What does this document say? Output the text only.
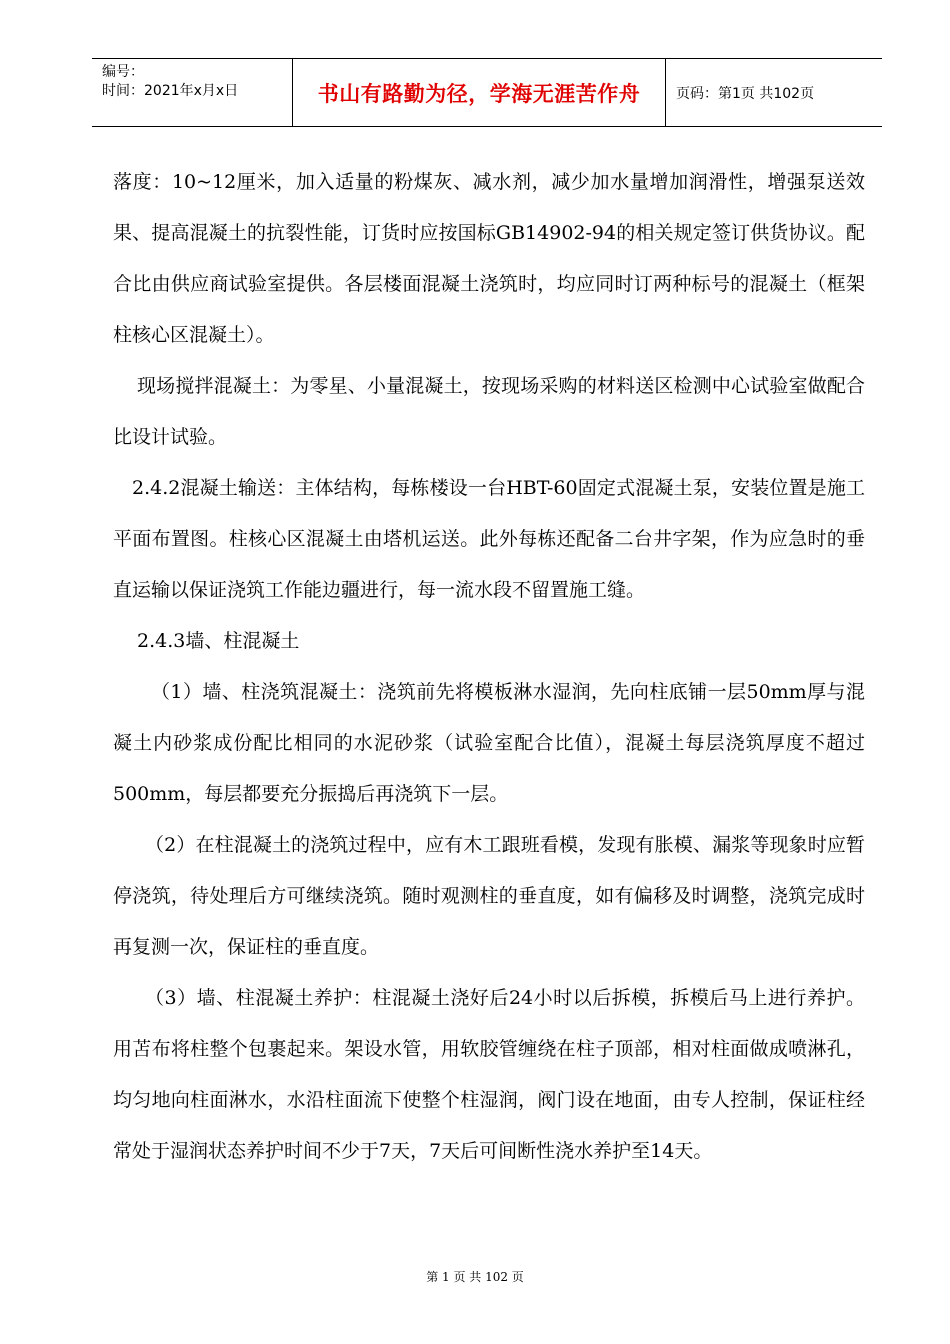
编号：
时间：2021年x月x日	书山有路勤为径，学海无涯苦作舟	页码：第1页 共102页

落度：10~12厘米，加入适量的粉煤灰、减水剂，减少加水量增加润滑性，增强泵送效果、提高混凝土的抗裂性能，订货时应按国标GB14902-94的相关规定签订供货协议。配合比由供应商试验室提供。各层楼面混凝土浇筑时，均应同时订两种标号的混凝土（框架柱核心区混凝土）。

现场搅拌混凝土：为零星、小量混凝土，按现场采购的材料送区检测中心试验室做配合比设计试验。

2.4.2混凝土输送：主体结构，每栋楼设一台HBT-60固定式混凝土泵，安装位置是施工平面布置图。柱核心区混凝土由塔机运送。此外每栋还配备二台井字架，作为应急时的垂直运输以保证浇筑工作能边疆进行，每一流水段不留置施工缝。

2.4.3墙、柱混凝土

（1）墙、柱浇筑混凝土：浇筑前先将模板淋水湿润，先向柱底铺一层50mm厚与混凝土内砂浆成份配比相同的水泥砂浆（试验室配合比值），混凝土每层浇筑厚度不超过500mm，每层都要充分振捣后再浇筑下一层。

（2）在柱混凝土的浇筑过程中，应有木工跟班看模，发现有胀模、漏浆等现象时应暂停浇筑，待处理后方可继续浇筑。随时观测柱的垂直度，如有偏移及时调整，浇筑完成时再复测一次，保证柱的垂直度。

（3）墙、柱混凝土养护：柱混凝土浇好后24小时以后拆模，拆模后马上进行养护。用苫布将柱整个包裹起来。架设水管，用软胶管缠绕在柱子顶部，相对柱面做成喷淋孔，均匀地向柱面淋水，水沿柱面流下使整个柱湿润，阀门设在地面，由专人控制，保证柱经常处于湿润状态养护时间不少于7天，7天后可间断性浇水养护至14天。

第 1 页 共 102 页
